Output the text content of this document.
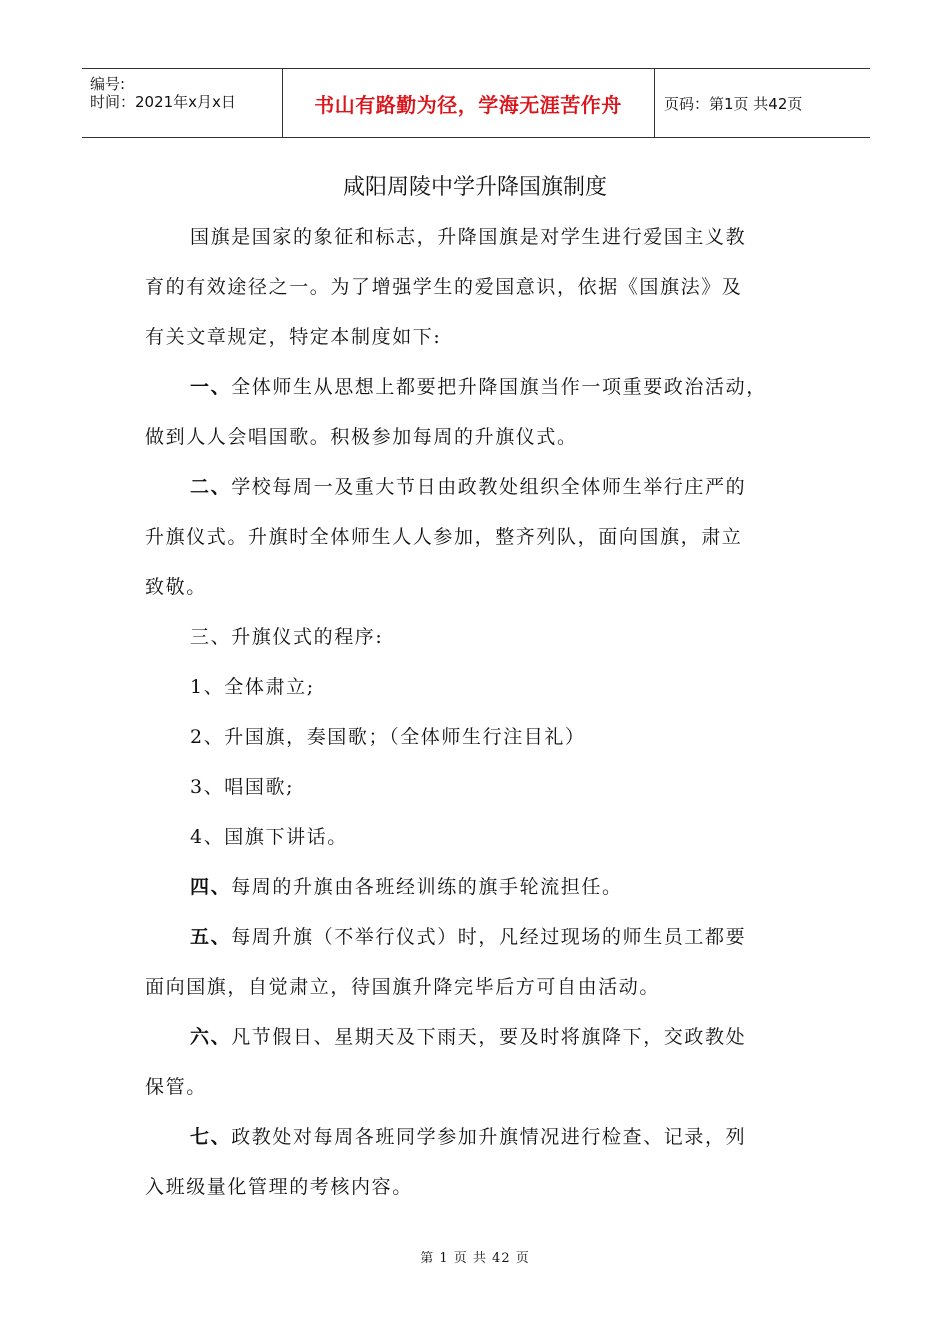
编号:
时间：2021年x月x日	书山有路勤为径，学海无涯苦作舟	页码：第1页 共42页
咸阳周陵中学升降国旗制度
国旗是国家的象征和标志，升降国旗是对学生进行爱国主义教
育的有效途径之一。为了增强学生的爱国意识，依据《国旗法》及
有关文章规定，特定本制度如下:
一、全体师生从思想上都要把升降国旗当作一项重要政治活动，
做到人人会唱国歌。积极参加每周的升旗仪式。
二、学校每周一及重大节日由政教处组织全体师生举行庄严的
升旗仪式。升旗时全体师生人人参加，整齐列队，面向国旗，肃立
致敬。
三、升旗仪式的程序:
1、全体肃立;
2、升国旗，奏国歌；（全体师生行注目礼）
3、唱国歌;
4、国旗下讲话。
四、每周的升旗由各班经训练的旗手轮流担任。
五、每周升旗（不举行仪式）时，凡经过现场的师生员工都要
面向国旗，自觉肃立，待国旗升降完毕后方可自由活动。
六、凡节假日、星期天及下雨天，要及时将旗降下，交政教处
保管。
七、政教处对每周各班同学参加升旗情况进行检查、记录，列
入班级量化管理的考核内容。
第 1 页 共 42 页
